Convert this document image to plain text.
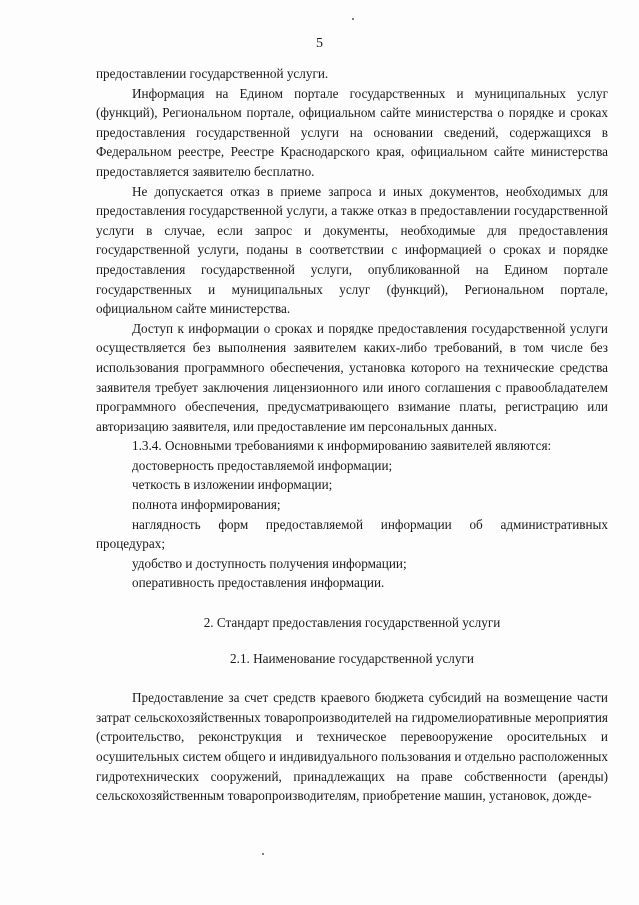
5

предоставлении государственной услуги.

Информация на Едином портале государственных и муниципальных услуг (функций), Региональном портале, официальном сайте министерства о порядке и сроках предоставления государственной услуги на основании сведений, содержащихся в Федеральном реестре, Реестре Краснодарского края, официальном сайте министерства предоставляется заявителю бесплатно.

Не допускается отказ в приеме запроса и иных документов, необходимых для предоставления государственной услуги, а также отказ в предоставлении государственной услуги в случае, если запрос и документы, необходимые для предоставления государственной услуги, поданы в соответствии с информацией о сроках и порядке предоставления государственной услуги, опубликованной на Едином портале государственных и муниципальных услуг (функций), Региональном портале, официальном сайте министерства.

Доступ к информации о сроках и порядке предоставления государственной услуги осуществляется без выполнения заявителем каких-либо требований, в том числе без использования программного обеспечения, установка которого на технические средства заявителя требует заключения лицензионного или иного соглашения с правообладателем программного обеспечения, предусматривающего взимание платы, регистрацию или авторизацию заявителя, или предоставление им персональных данных.

1.3.4. Основными требованиями к информированию заявителей являются:

достоверность предоставляемой информации;

четкость в изложении информации;

полнота информирования;

наглядность форм предоставляемой информации об административных процедурах;

удобство и доступность получения информации;

оперативность предоставления информации.

2. Стандарт предоставления государственной услуги

2.1. Наименование государственной услуги

Предоставление за счет средств краевого бюджета субсидий на возмещение части затрат сельскохозяйственных товаропроизводителей на гидромелиоративные мероприятия (строительство, реконструкция и техническое перевооружение оросительных и осушительных систем общего и индивидуального пользования и отдельно расположенных гидротехнических сооружений, принадлежащих на праве собственности (аренды) сельскохозяйственным товаропроизводителям, приобретение машин, установок, дожде-
